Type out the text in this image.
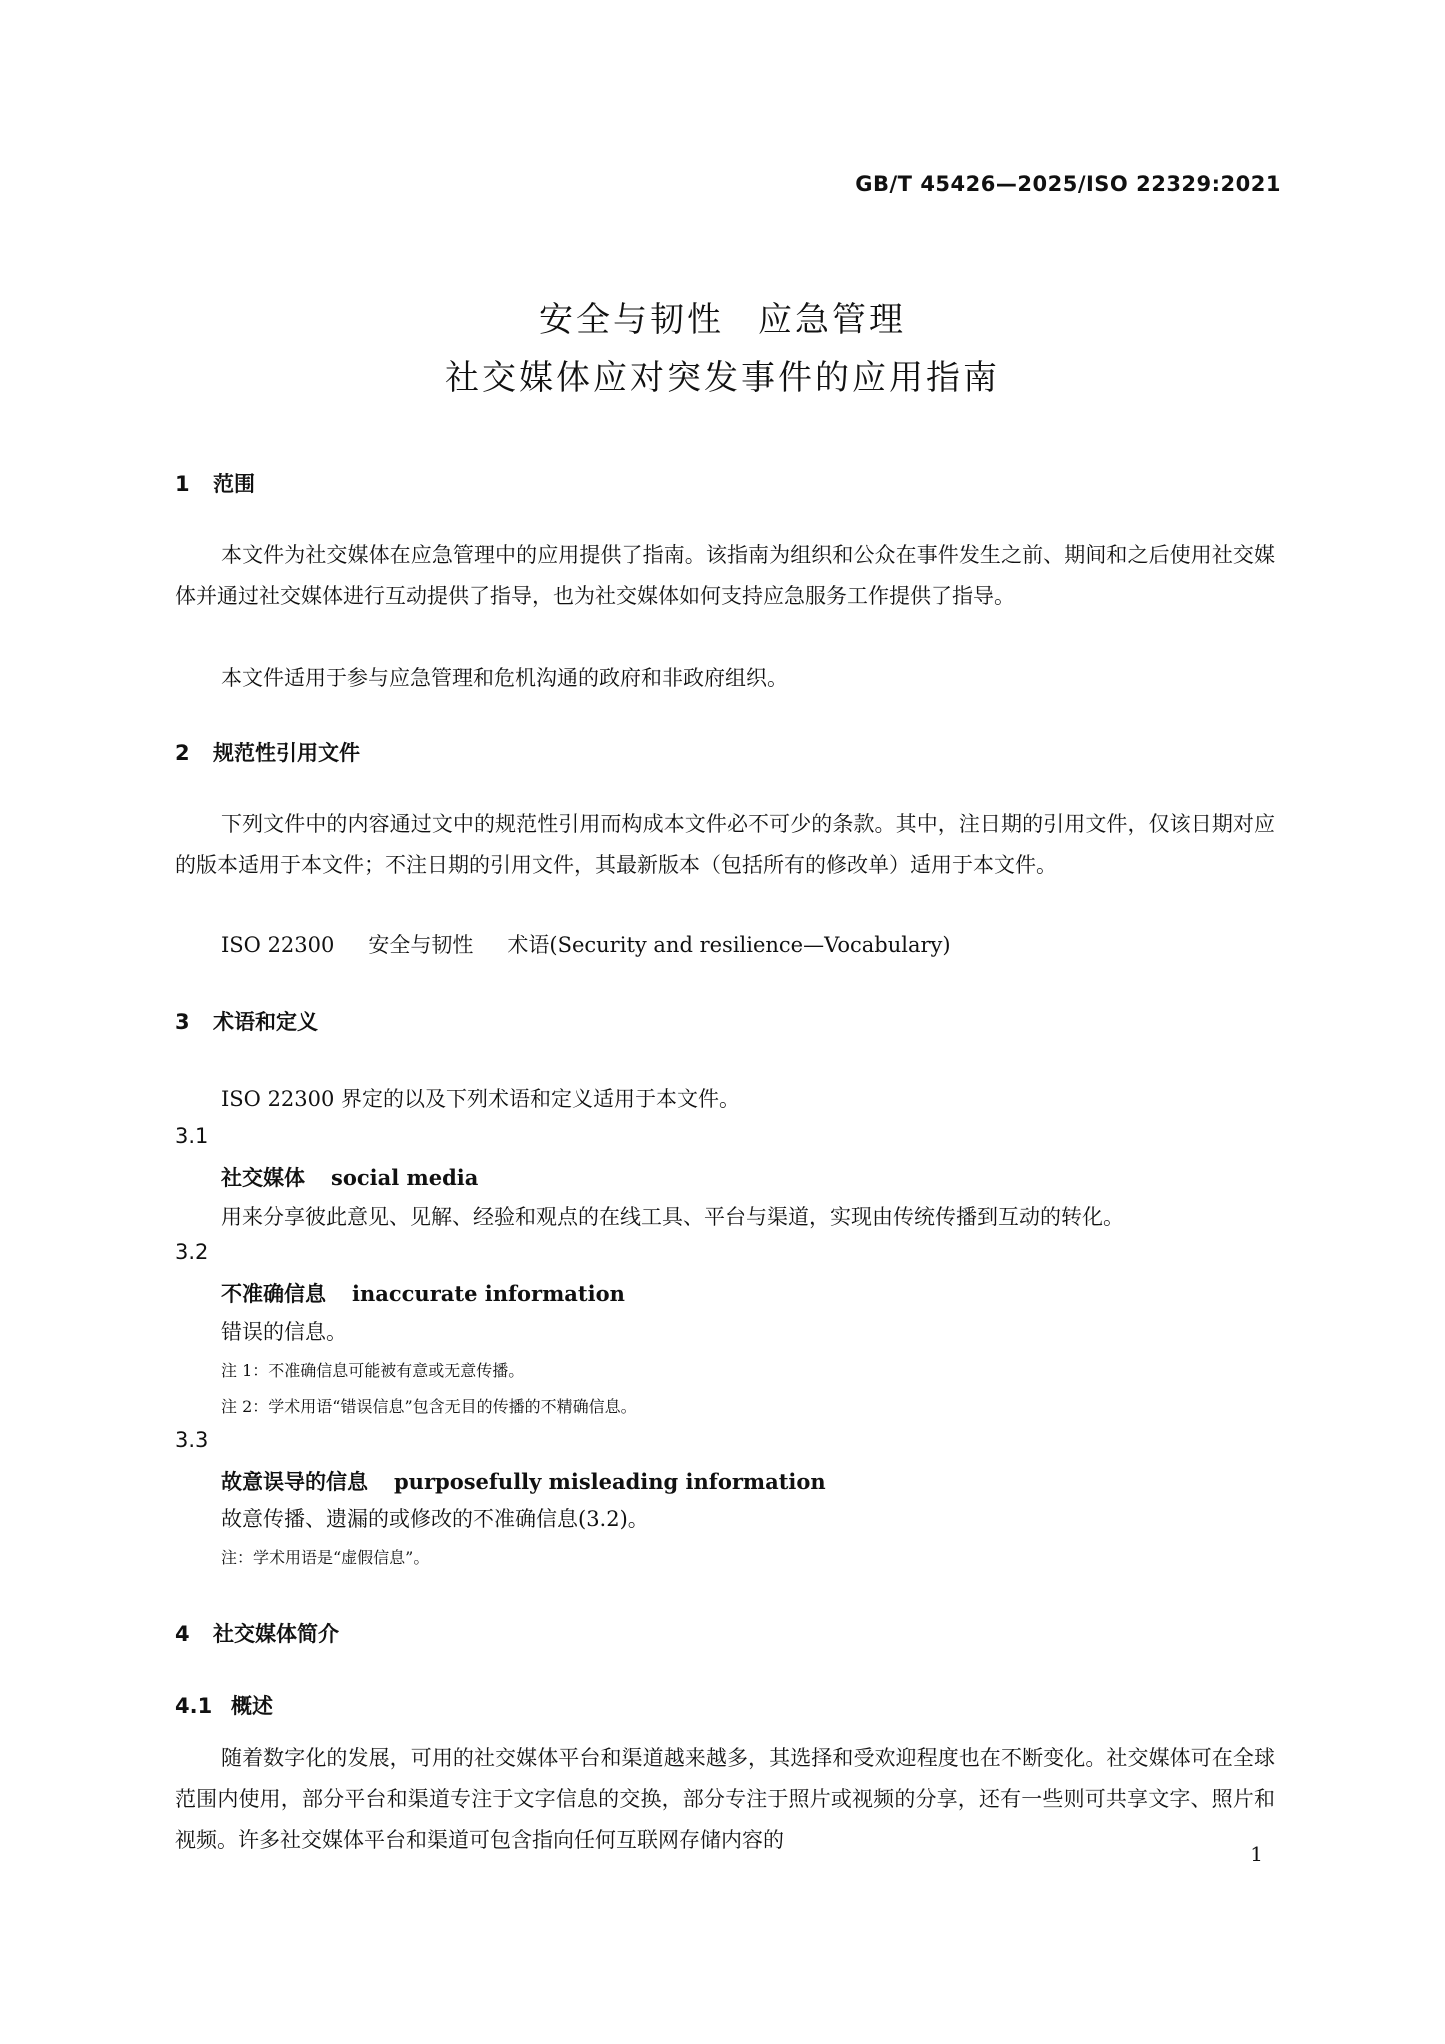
GB/T 45426—2025/ISO 22329:2021
安全与韧性 应急管理
社交媒体应对突发事件的应用指南
1 范围
本文件为社交媒体在应急管理中的应用提供了指南。该指南为组织和公众在事件发生之前、期间和之后使用社交媒体并通过社交媒体进行互动提供了指导，也为社交媒体如何支持应急服务工作提供了指导。
本文件适用于参与应急管理和危机沟通的政府和非政府组织。
2 规范性引用文件
下列文件中的内容通过文中的规范性引用而构成本文件必不可少的条款。其中，注日期的引用文件，仅该日期对应的版本适用于本文件；不注日期的引用文件，其最新版本（包括所有的修改单）适用于本文件。
ISO 22300 安全与韧性 术语(Security and resilience—Vocabulary)
3 术语和定义
ISO 22300 界定的以及下列术语和定义适用于本文件。
3.1
社交媒体 social media
用来分享彼此意见、见解、经验和观点的在线工具、平台与渠道，实现由传统传播到互动的转化。
3.2
不准确信息 inaccurate information
错误的信息。
注 1：不准确信息可能被有意或无意传播。
注 2：学术用语“错误信息”包含无目的传播的不精确信息。
3.3
故意误导的信息 purposefully misleading information
故意传播、遗漏的或修改的不准确信息(3.2)。
注：学术用语是“虚假信息”。
4 社交媒体简介
4.1 概述
随着数字化的发展，可用的社交媒体平台和渠道越来越多，其选择和受欢迎程度也在不断变化。社交媒体可在全球范围内使用，部分平台和渠道专注于文字信息的交换，部分专注于照片或视频的分享，还有一些则可共享文字、照片和视频。许多社交媒体平台和渠道可包含指向任何互联网存储内容的
1
